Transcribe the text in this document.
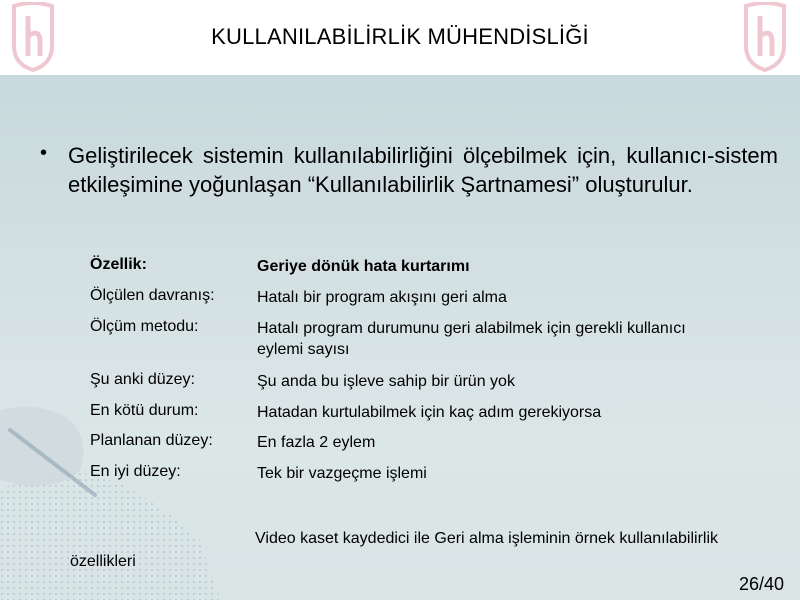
KULLANILABİLİRLİK MÜHENDİSLİĞİ
• Geliştirilecek sistemin kullanılabilirliğini ölçebilmek için, kullanıcı-sistem etkileşimine yoğunlaşan “Kullanılabilirlik Şartnamesi” oluşturulur.
Özellik:	Geriye dönük hata kurtarımı
Ölçülen davranış:	Hatalı bir program akışını geri alma
Ölçüm metodu:	Hatalı program durumunu geri alabilmek için gerekli kullanıcı eylemi sayısı
Şu anki düzey:	Şu anda bu işleve sahip bir ürün yok
En kötü durum:	Hatadan kurtulabilmek için kaç adım gerekiyorsa
Planlanan düzey:	En fazla 2 eylem
En iyi düzey:	Tek bir vazgeçme işlemi
Video kaset kaydedici ile Geri alma işleminin örnek kullanılabilirlik özellikleri
26/40
